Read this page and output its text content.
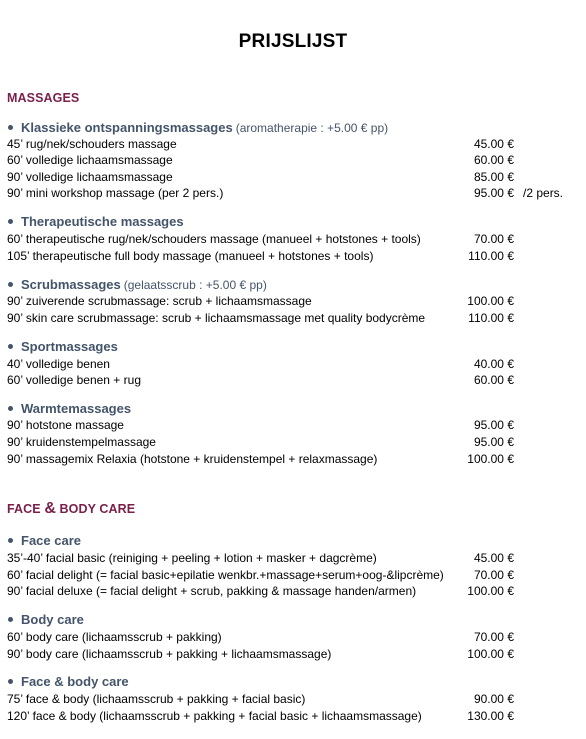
PRIJSLIJST
MASSAGES
Klassieke ontspanningsmassages (aromatherapie : +5.00 € pp)
45’ rug/nek/schouders massage	45.00 €
60’ volledige lichaamsmassage	60.00 €
90’ volledige lichaamsmassage	85.00 €
90’ mini workshop massage (per 2 pers.)	95.00 € /2 pers.
Therapeutische massages
60’ therapeutische rug/nek/schouders massage (manueel + hotstones + tools)	70.00 €
105’ therapeutische full body massage (manueel + hotstones + tools)	110.00 €
Scrubmassages (gelaatsscrub : +5.00 € pp)
90’ zuiverende scrubmassage: scrub + lichaamsmassage	100.00 €
90’ skin care scrubmassage: scrub + lichaamsmassage met quality bodycrème	110.00 €
Sportmassages
40’ volledige benen	40.00 €
60’ volledige benen + rug	60.00 €
Warmtemassages
90’ hotstone massage	95.00 €
90’ kruidenstempelmassage	95.00 €
90’ massagemix Relaxia (hotstone + kruidenstempel + relaxmassage)	100.00 €
FACE & BODY CARE
Face care
35’-40’ facial basic (reiniging + peeling + lotion + masker + dagcrème)	45.00 €
60’ facial delight (= facial basic+epilatie wenkbr.+massage+serum+oog-&lipcrème)	70.00 €
90’ facial deluxe (= facial delight + scrub, pakking & massage handen/armen)	100.00 €
Body care
60’ body care (lichaamsscrub + pakking)	70.00 €
90’ body care (lichaamsscrub + pakking + lichaamsmassage)	100.00 €
Face & body care
75’ face & body (lichaamsscrub + pakking + facial basic)	90.00 €
120’ face & body (lichaamsscrub + pakking + facial basic + lichaamsmassage)	130.00 €
